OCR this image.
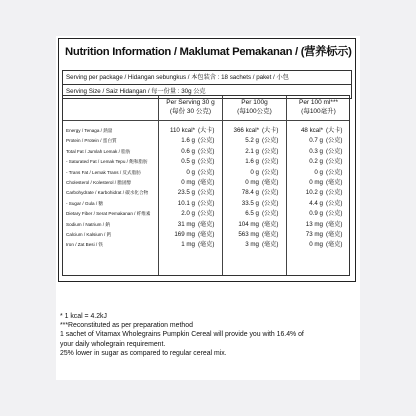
Nutrition Information / Maklumat Pemakanan / (营养标示)
Serving per package / Hidangan sebungkus / 本包装含 : 18 sachets / paket / 小包
Serving Size / Saiz Hidangan / 每一份量 : 30g 公克
Per Serving 30 g
(每份 30 公克)
Per 100g
(每100公克)
Per 100 ml***
(每100毫升)
Energy / Tenaga / 熱量	110 kcal* (大卡)	366 kcal* (大卡)	48 kcal* (大卡)
Protein / Protein / 蛋白質	1.6 g (公克)	5.2 g (公克)	0.7 g (公克)
Total Fat / Jumlah Lemak / 脂肪	0.6 g (公克)	2.1 g (公克)	0.3 g (公克)
- Saturated Fat / Lemak Tepu / 飽和脂肪	0.5 g (公克)	1.6 g (公克)	0.2 g (公克)
- Trans Fat / Lemak Trans / 反式脂肪	0 g (公克)	0 g (公克)	0 g (公克)
Cholesterol / Kolesterol / 膽固醇	0 mg (毫克)	0 mg (毫克)	0 mg (毫克)
Carbohydrate / Karbohidrat / 碳水化合物	23.5 g (公克)	78.4 g (公克)	10.2 g (公克)
- Sugar / Gula / 糖	10.1 g (公克)	33.5 g (公克)	4.4 g (公克)
Dietary Fiber / Serat Pemakanan / 纤维素	2.0 g (公克)	6.5 g (公克)	0.9 g (公克)
Sodium / Natrium / 鈉	31 mg (毫克)	104 mg (毫克)	13 mg (毫克)
Calcium / Kalsium / 鈣	169 mg (毫克)	563 mg (毫克)	73 mg (毫克)
Iron / Zat Besi / 铁	1 mg (毫克)	3 mg (毫克)	0 mg (毫克)
* 1 kcal = 4.2kJ
***Reconstituted as per preparation method
1 sachet of Vitamax Wholegrains Pumpkin Cereal will provide you with 16.4% of
your daily wholegrain requirement.
25% lower in sugar as compared to regular cereal mix.
